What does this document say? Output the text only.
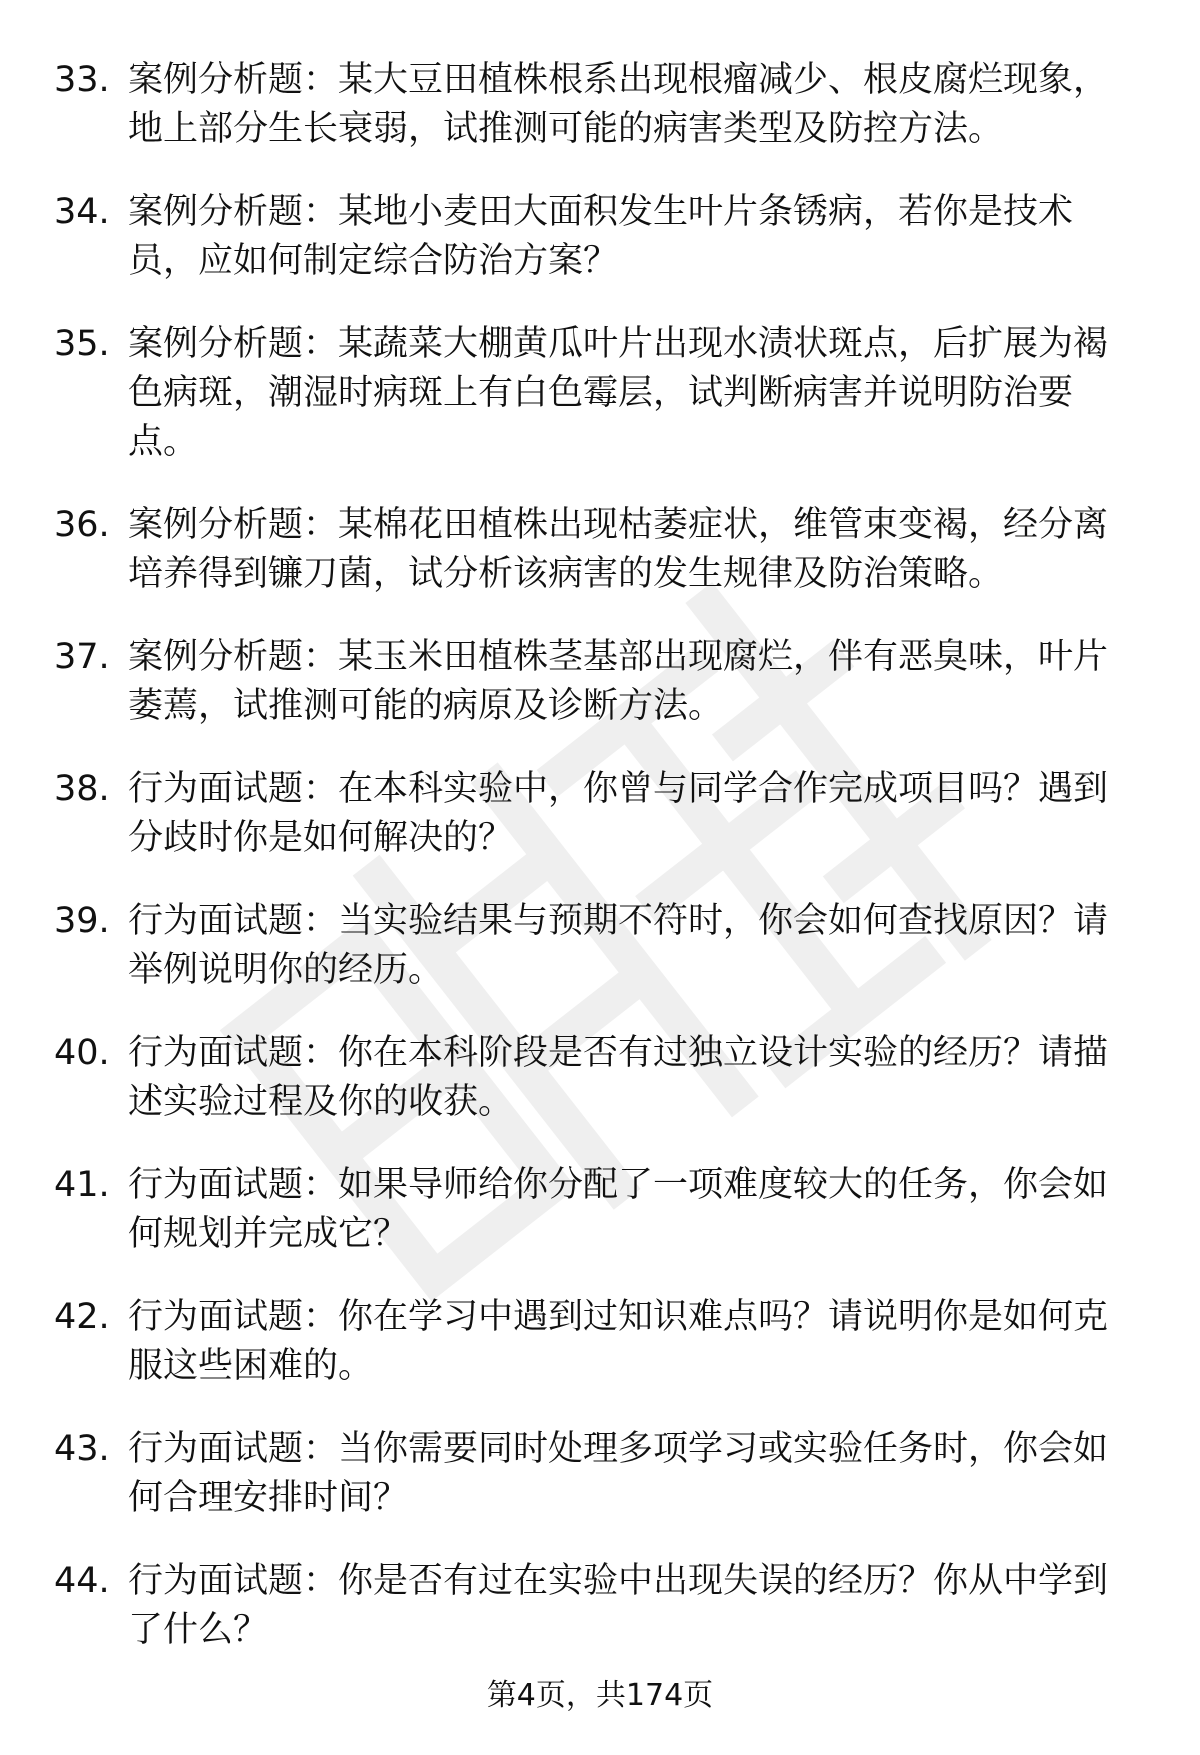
33. 案例分析题：某大豆田植株根系出现根瘤减少、根皮腐烂现象，地上部分生长衰弱，试推测可能的病害类型及防控方法。
34. 案例分析题：某地小麦田大面积发生叶片条锈病，若你是技术员，应如何制定综合防治方案？
35. 案例分析题：某蔬菜大棚黄瓜叶片出现水渍状斑点，后扩展为褐色病斑，潮湿时病斑上有白色霉层，试判断病害并说明防治要点。
36. 案例分析题：某棉花田植株出现枯萎症状，维管束变褐，经分离培养得到镰刀菌，试分析该病害的发生规律及防治策略。
37. 案例分析题：某玉米田植株茎基部出现腐烂，伴有恶臭味，叶片萎蔫，试推测可能的病原及诊断方法。
38. 行为面试题：在本科实验中，你曾与同学合作完成项目吗？遇到分歧时你是如何解决的？
39. 行为面试题：当实验结果与预期不符时，你会如何查找原因？请举例说明你的经历。
40. 行为面试题：你在本科阶段是否有过独立设计实验的经历？请描述实验过程及你的收获。
41. 行为面试题：如果导师给你分配了一项难度较大的任务，你会如何规划并完成它？
42. 行为面试题：你在学习中遇到过知识难点吗？请说明你是如何克服这些困难的。
43. 行为面试题：当你需要同时处理多项学习或实验任务时，你会如何合理安排时间？
44. 行为面试题：你是否有过在实验中出现失误的经历？你从中学到了什么？
第4页，共174页
